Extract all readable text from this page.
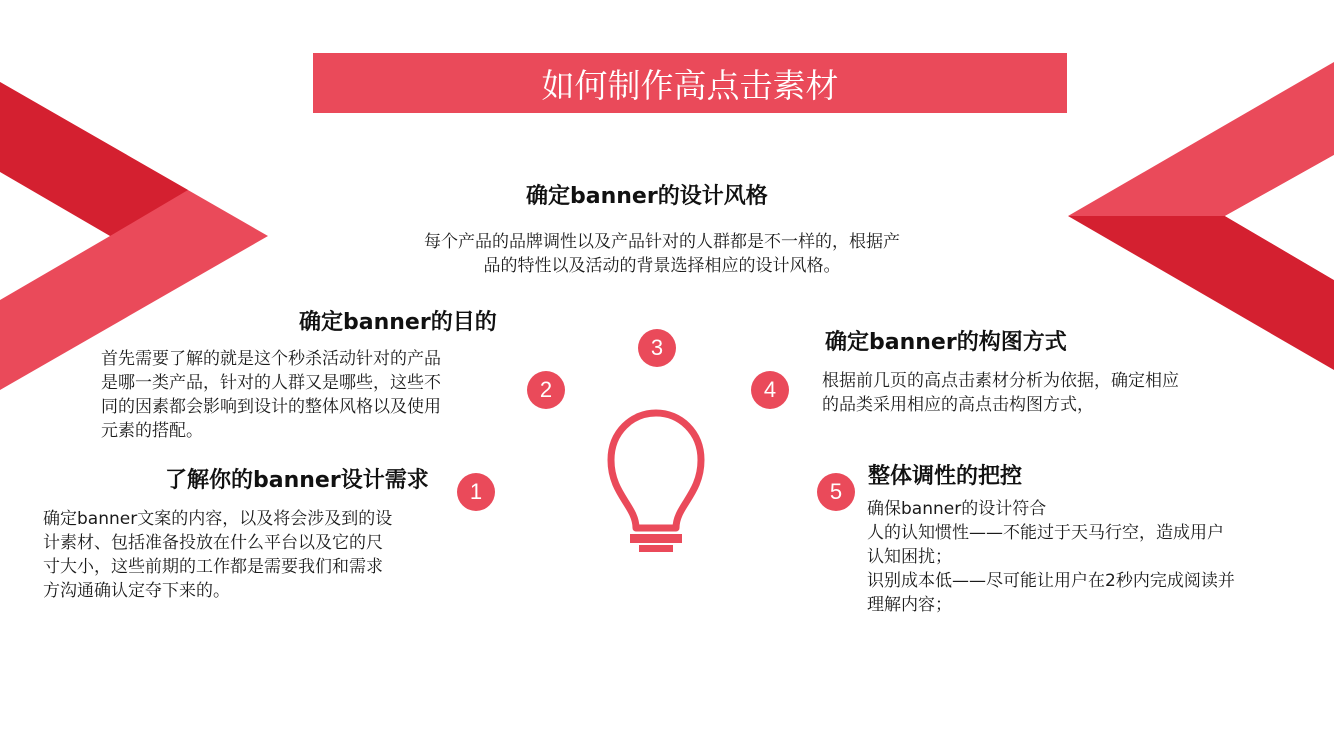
如何制作高点击素材
确定banner的设计风格

每个产品的品牌调性以及产品针对的人群都是不一样的，根据产
品的特性以及活动的背景选择相应的设计风格。

确定banner的目的

首先需要了解的就是这个秒杀活动针对的产品
是哪一类产品，针对的人群又是哪些，这些不
同的因素都会影响到设计的整体风格以及使用
元素的搭配。

了解你的banner设计需求

确定banner文案的内容，以及将会涉及到的设
计素材、包括准备投放在什么平台以及它的尺
寸大小，这些前期的工作都是需要我们和需求
方沟通确认定夺下来的。

确定banner的构图方式

根据前几页的高点击素材分析为依据，确定相应
的品类采用相应的高点击构图方式，

整体调性的把控

确保banner的设计符合
人的认知惯性——不能过于天马行空，造成用户
认知困扰；
识别成本低——尽可能让用户在2秒内完成阅读并
理解内容；

3
2	4
1	5
